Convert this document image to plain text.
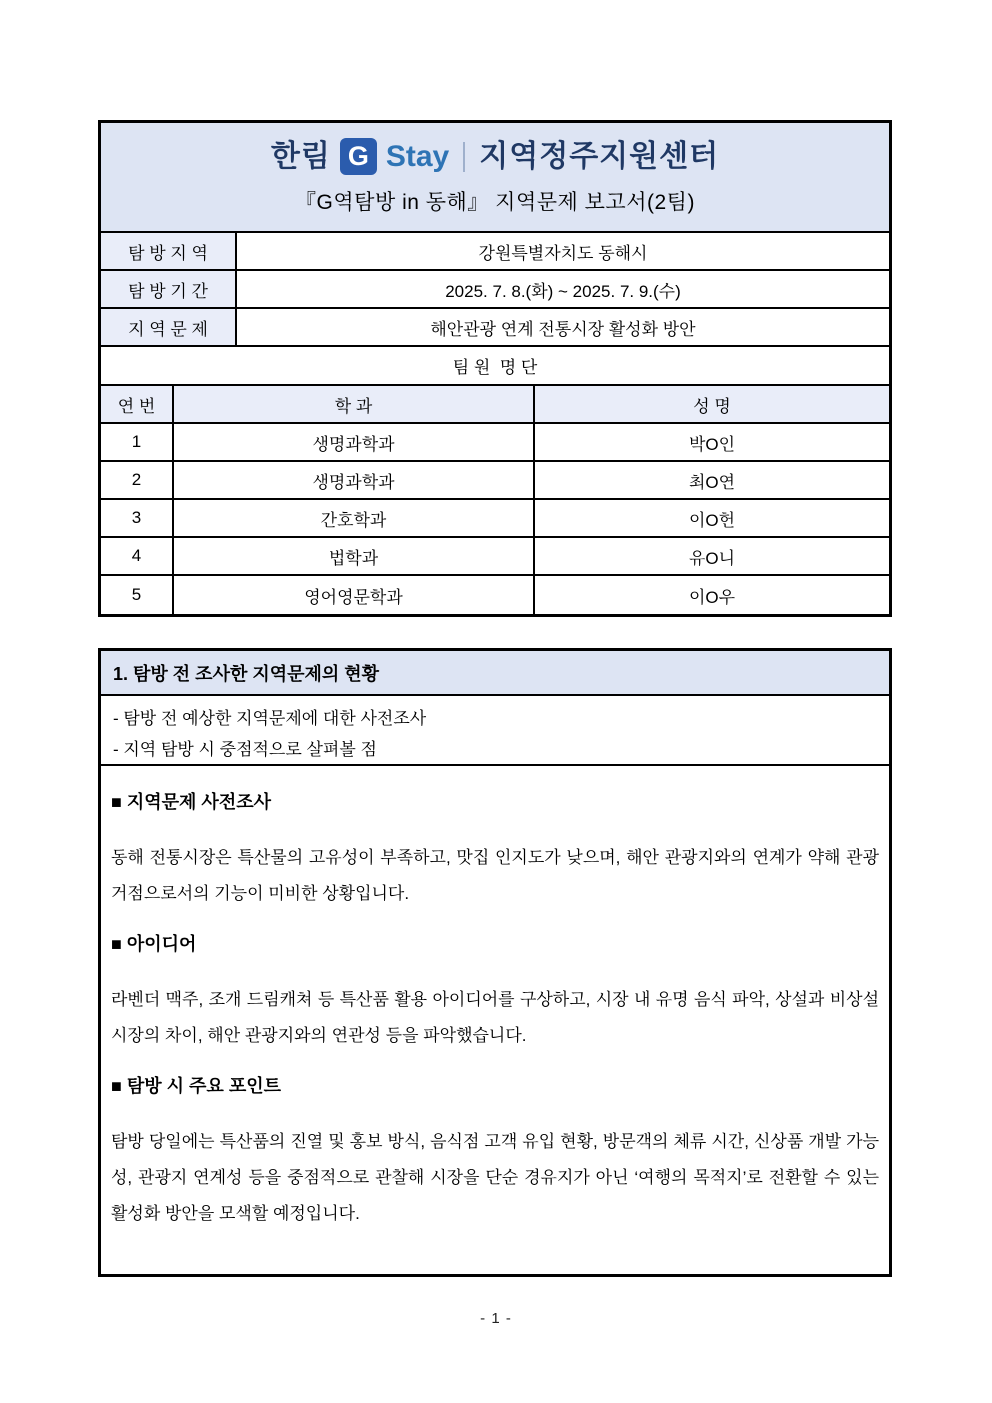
한림 G Stay 지역정주지원센터
『G역탐방 in 동해』 지역문제 보고서(2팀)
탐 방 지 역	강원특별자치도 동해시
탐 방 기 간	2025. 7. 8.(화) ~ 2025. 7. 9.(수)
지 역 문 제	해안관광 연계 전통시장 활성화 방안
팀 원  명 단
연 번	학 과	성 명
1	생명과학과	박O인
2	생명과학과	최O연
3	간호학과	이O헌
4	법학과	유O니
5	영어영문학과	이O우
1. 탐방 전 조사한 지역문제의 현황
- 탐방 전 예상한 지역문제에 대한 사전조사
- 지역 탐방 시 중점적으로 살펴볼 점
■ 지역문제 사전조사

동해 전통시장은 특산물의 고유성이 부족하고, 맛집 인지도가 낮으며, 해안 관광지와의 연계가 약해 관광 거점으로서의 기능이 미비한 상황입니다.

■ 아이디어

라벤더 맥주, 조개 드림캐쳐 등 특산품 활용 아이디어를 구상하고, 시장 내 유명 음식 파악, 상설과 비상설 시장의 차이, 해안 관광지와의 연관성 등을 파악했습니다.

■ 탐방 시 주요 포인트

탐방 당일에는 특산품의 진열 및 홍보 방식, 음식점 고객 유입 현황, 방문객의 체류 시간, 신상품 개발 가능성, 관광지 연계성 등을 중점적으로 관찰해 시장을 단순 경유지가 아닌 ‘여행의 목적지’로 전환할 수 있는 활성화 방안을 모색할 예정입니다.

- 1 -
